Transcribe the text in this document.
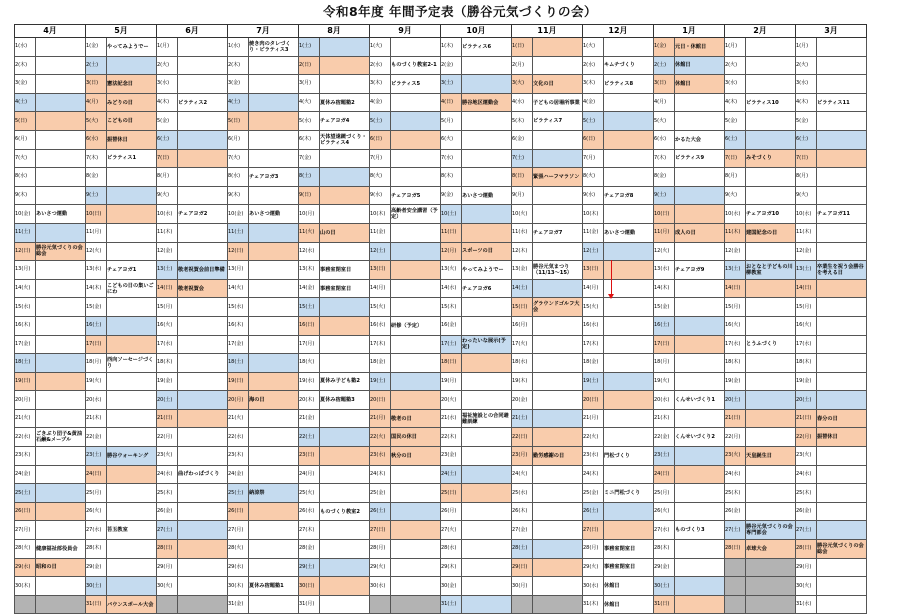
令和8年度 年間予定表（勝谷元気づくりの会）
4月		5月		6月		7月		8月		9月		10月		11月		12月		1月		2月		3月	
1(水)		1(金)	やってみようでー	1(月)		1(水)	焼き肉のタレづくり・ピラティス3	1(土)		1(火)		1(木)	ピラティス6	1(日)		1(火)		1(金)	元日・休館日	1(月)		1(月)	

2(木)		2(土)		2(火)		2(木)		2(日)		2(水)	ものづくり教室2-1	2(金)		2(月)		2(水)	キムチづくり	2(土)	休館日	2(火)		2(火)	

3(金)		3(日)	憲法記念日	3(水)		3(金)		3(月)		3(木)	ピラティス5	3(土)		3(火)	文化の日	3(木)	ピラティス8	3(日)	休館日	3(水)		3(水)	

4(土)		4(月)	みどりの日	4(木)	ピラティス2	4(土)		4(火)	夏休み宿題塾2	4(金)		4(日)	勝谷地区運動会	4(水)	子どもの居場所事業	4(金)		4(月)		4(木)	ピラティス10	4(木)	ピラティス11

5(日)		5(火)	こどもの日	5(金)		5(日)		5(水)	チェアヨガ4	5(土)		5(月)		5(木)	ピラティス7	5(土)		5(火)		5(金)		5(金)	

6(月)		6(水)	振替休日	6(土)		6(月)		6(木)	天体望遠鏡づくり・ピラティス4	6(日)		6(火)		6(金)		6(日)		6(水)	かるた大会	6(土)		6(土)	

7(火)		7(木)	ピラティス1	7(日)		7(火)		7(金)		7(月)		7(水)		7(土)		7(月)		7(木)	ピラティス9	7(日)	みそづくり	7(日)	

8(水)		8(金)		8(月)		8(水)	チェアヨガ3	8(土)		8(火)		8(木)		8(日)	緊張ハーフマラソン	8(火)		8(金)		8(月)		8(月)	

9(木)		9(土)		9(火)		9(木)		9(日)		9(水)	チェアヨガ5	9(金)	あいさつ運動	9(月)		9(水)	チェアヨガ8	9(土)		9(火)		9(火)	

10(金)	あいさつ運動	10(日)		10(水)	チェアヨガ2	10(金)	あいさつ運動	10(月)		10(木)	高齢者安全講習（予定）	10(土)		10(火)		10(木)		10(日)		10(水)	チェアヨガ10	10(水)	チェアヨガ11

11(土)		11(月)		11(木)		11(土)		11(火)	山の日	11(金)		11(日)		11(水)	チェアヨガ7	11(金)	あいさつ運動	11(月)	成人の日	11(木)	建国記念の日	11(木)	

12(日)	勝谷元気づくりの会総会	12(火)		12(金)		12(日)		12(水)		12(土)		12(月)	スポーツの日	12(木)		12(土)		12(火)		12(金)		12(金)	

13(月)		13(水)	チェアヨガ1	13(土)	敬老祝賀会前日準備	13(月)		13(木)	事務室閉室日	13(日)		13(火)	やってみようでー	13(金)	勝谷元気まつり（11/13～15）	13(日)		13(水)	チェアヨガ9	13(土)	おとなと子どもの川柳教室	13(土)	卒業生を祝う会勝谷を考える日

14(火)		14(木)	こどもの日の集いごにわ	14(日)	敬老祝賀会	14(火)		14(金)	事務室閉室日	14(月)		14(水)	チェアヨガ6	14(土)		14(月)		14(木)		14(日)		14(日)	

15(水)		15(金)		15(月)		15(水)		15(土)		15(火)		15(木)		15(日)	グラウンドゴルフ大会	15(火)		15(金)		15(月)		15(月)	

16(木)		16(土)		16(火)		16(木)		16(日)		16(水)	研修（予定）	16(金)		16(月)		16(水)		16(土)		16(火)		16(火)	

17(金)		17(日)		17(水)		17(金)		17(月)		17(木)		17(土)	わったいな展示(予定)	17(火)		17(木)		17(日)		17(水)	とうふづくり	17(水)	

18(土)		18(月)	西向ソーセージづくり	18(木)		18(土)		18(火)		18(金)		18(日)		18(水)		18(金)		18(月)		18(木)		18(木)	

19(日)		19(火)		19(金)		19(日)		19(水)	夏休み子ども塾2	19(土)		19(月)		19(木)		19(土)		19(火)		19(金)		19(金)	

20(月)		20(水)		20(土)		20(月)	海の日	20(木)	夏休み宿題塾3	20(日)		20(火)		20(金)		20(日)		20(水)	くんせいづくり1	20(土)		20(土)	

21(火)		21(木)		21(日)		21(火)		21(金)		21(月)	敬老の日	21(水)	福祉施設との合同避難訓練	21(土)		21(月)		21(木)		21(日)		21(日)	春分の日

22(水)	ごきぶり団子&黄油石鹸&メープル	22(金)		22(月)		22(水)		22(土)		22(火)	国民の休日	22(木)		22(日)		22(火)		22(金)	くんせいづくり2	22(月)		22(月)	振替休日

23(木)		23(土)	勝谷ウォーキング	23(火)		23(木)		23(日)		23(水)	秋分の日	23(金)		23(月)	勤労感謝の日	23(水)	門松づくり	23(土)		23(火)	天皇誕生日	23(火)	

24(金)		24(日)		24(水)	曲げわっぱづくり	24(金)		24(月)		24(木)		24(土)		24(火)		24(木)		24(日)		24(水)		24(水)	

25(土)		25(月)		25(木)		25(土)	納涼祭	25(火)		25(金)		25(日)		25(水)		25(金)	ミニ門松づくり	25(月)		25(木)		25(木)	

26(日)		26(火)		26(金)		26(日)		26(水)	ものづくり教室2	26(土)		26(月)		26(木)		26(土)		26(火)		26(金)		26(金)	

27(月)		27(水)	苔玉教室	27(土)		27(月)		27(木)		27(日)		27(火)		27(金)		27(日)		27(水)	ものづくり3	27(土)	勝谷元気づくりの会専門部会	27(土)	

28(火)	健康福祉部役員会	28(木)		28(日)		28(火)		28(金)		28(月)		28(水)		28(土)		28(月)	事務室閉室日	28(木)		28(日)	卓球大会	28(日)	勝谷元気づくりの会総会

29(水)	昭和の日	29(金)		29(月)		29(水)		29(土)		29(火)		29(木)		29(日)		29(火)	事務室閉室日	29(金)				29(月)	

30(木)		30(土)		30(火)		30(木)	夏休み宿題塾1	30(日)		30(水)		30(金)		30(月)		30(水)	休館日	30(土)				30(火)	

	31(日)	バウンスボール大会			31(金)		31(月)				31(土)				31(木)	休館日	31(日)				31(水)	
